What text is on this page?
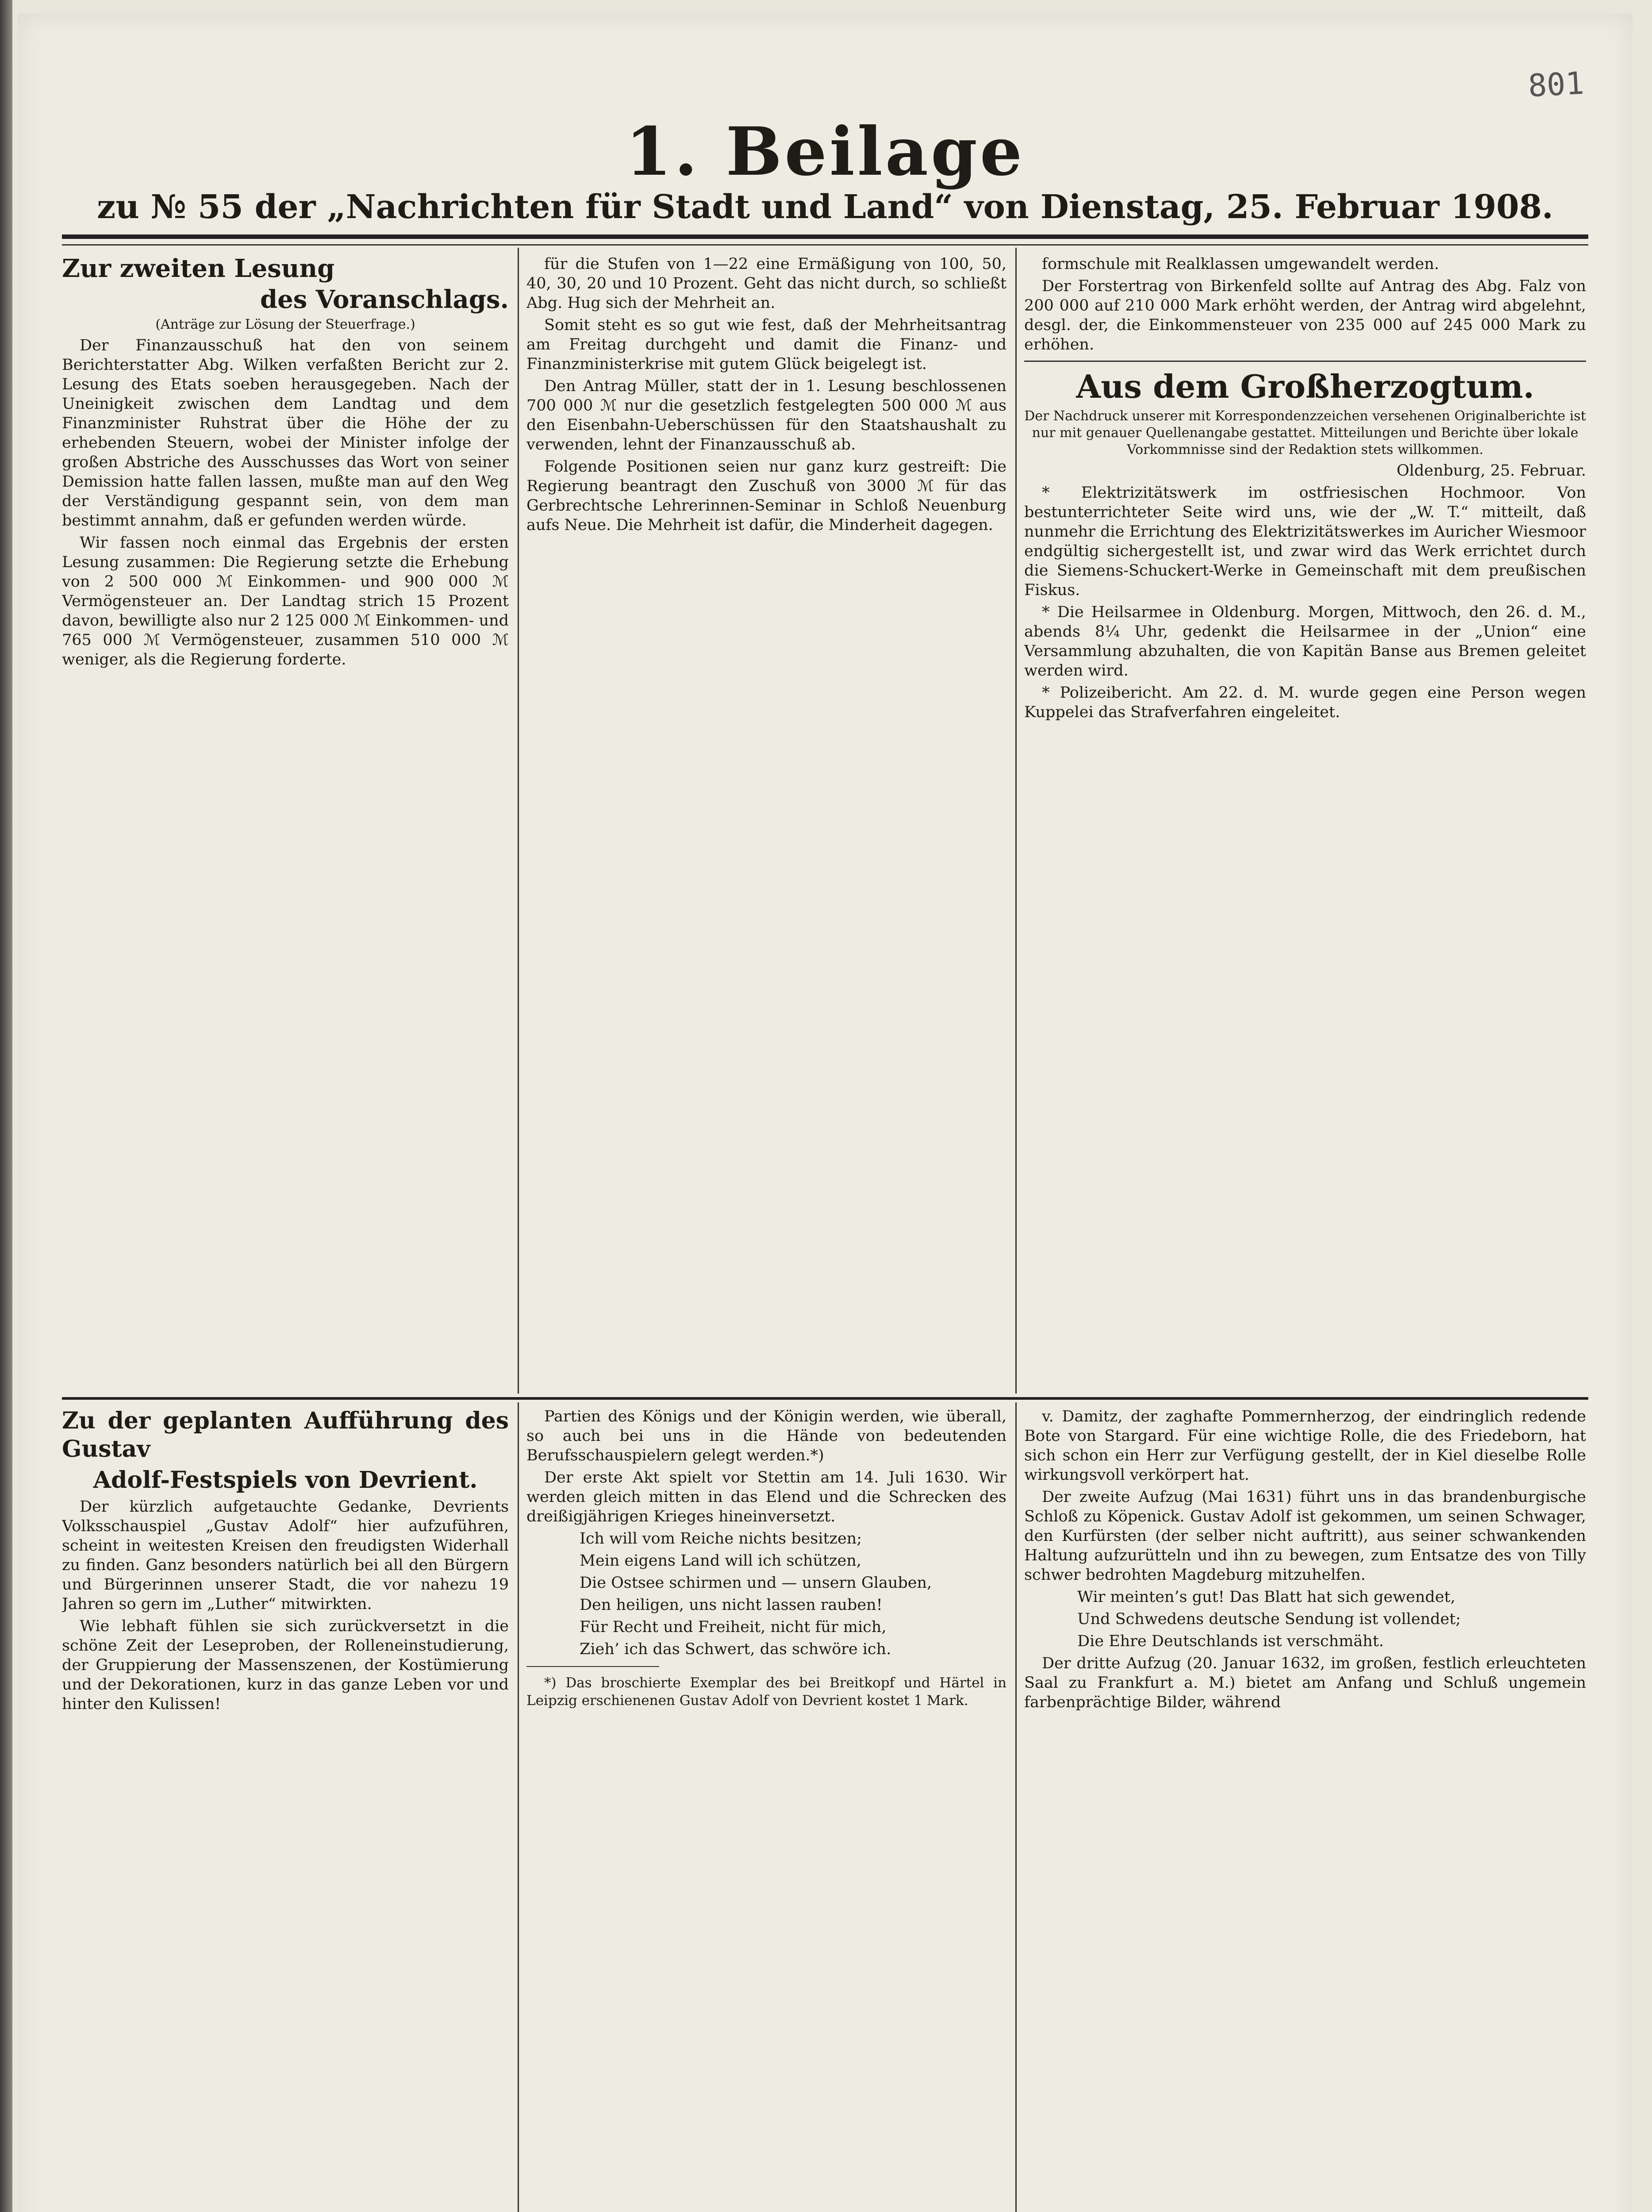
801
1. Beilage
zu № 55 der „Nachrichten für Stadt und Land“ von Dienstag, 25. Februar 1908.

Zur zweiten Lesung

des Voranschlags.

(Anträge zur Lösung der Steuerfrage.)

Der Finanzausschuß hat den von seinem Berichterstatter Abg. Wilken verfaßten Bericht zur 2. Lesung des Etats soeben herausgegeben. Nach der Uneinigkeit zwischen dem Landtag und dem Finanzminister Ruhstrat über die Höhe der zu erhebenden Steuern, wobei der Minister infolge der großen Abstriche des Ausschusses das Wort von seiner Demission hatte fallen lassen, mußte man auf den Weg der Verständigung gespannt sein, von dem man bestimmt annahm, daß er gefunden werden würde.

Wir fassen noch einmal das Ergebnis der ersten Lesung zusammen: Die Regierung setzte die Erhebung von 2 500 000 ℳ Einkommen- und 900 000 ℳ Vermögensteuer an. Der Landtag strich 15 Prozent davon, bewilligte also nur 2 125 000 ℳ Einkommen- und 765 000 ℳ Vermögensteuer, zusammen 510 000 ℳ weniger, als die Regierung forderte.

für die Stufen von 1—22 eine Ermäßigung von 100, 50, 40, 30, 20 und 10 Prozent. Geht das nicht durch, so schließt Abg. Hug sich der Mehrheit an.

Somit steht es so gut wie fest, daß der Mehrheitsantrag am Freitag durchgeht und damit die Finanz- und Finanzministerkrise mit gutem Glück beigelegt ist.

Den Antrag Müller, statt der in 1. Lesung beschlossenen 700 000 ℳ nur die gesetzlich festgelegten 500 000 ℳ aus den Eisenbahn-Ueberschüssen für den Staatshaushalt zu verwenden, lehnt der Finanzausschuß ab.

Folgende Positionen seien nur ganz kurz gestreift: Die Regierung beantragt den Zuschuß von 3000 ℳ für das Gerbrechtsche Lehrerinnen-Seminar in Schloß Neuenburg aufs Neue. Die Mehrheit ist dafür, die Minderheit dagegen.

formschule mit Realklassen umgewandelt werden.

Der Forstertrag von Birkenfeld sollte auf Antrag des Abg. Falz von 200 000 auf 210 000 Mark erhöht werden, der Antrag wird abgelehnt, desgl. der, die Einkommensteuer von 235 000 auf 245 000 Mark zu erhöhen.

Aus dem Großherzogtum.

Der Nachdruck unserer mit Korrespondenzzeichen versehenen Originalberichte ist nur mit genauer Quellenangabe gestattet. Mitteilungen und Berichte über lokale Vorkommnisse sind der Redaktion stets willkommen.

Oldenburg, 25. Februar.

* Elektrizitätswerk im ostfriesischen Hochmoor. Von bestunterrichteter Seite wird uns, wie der „W. T.“ mitteilt, daß nunmehr die Errichtung des Elektrizitätswerkes im Auricher Wiesmoor endgültig sichergestellt ist, und zwar wird das Werk errichtet durch die Siemens-Schuckert-Werke in Gemeinschaft mit dem preußischen Fiskus.

* Die Heilsarmee in Oldenburg. Morgen, Mittwoch, den 26. d. M., abends 8¼ Uhr, gedenkt die Heilsarmee in der „Union“ eine Versammlung abzuhalten, die von Kapitän Banse aus Bremen geleitet werden wird.

* Polizeibericht. Am 22. d. M. wurde gegen eine Person wegen Kuppelei das Strafverfahren eingeleitet.

Zu der geplanten Aufführung des Gustav

Adolf-Festspiels von Devrient.

Der kürzlich aufgetauchte Gedanke, Devrients Volksschauspiel „Gustav Adolf“ hier aufzuführen, scheint in weitesten Kreisen den freudigsten Widerhall zu finden. Ganz besonders natürlich bei all den Bürgern und Bürgerinnen unserer Stadt, die vor nahezu 19 Jahren so gern im „Luther“ mitwirkten.

Wie lebhaft fühlen sie sich zurückversetzt in die schöne Zeit der Leseproben, der Rolleneinstudierung, der Gruppierung der Massenszenen, der Kostümierung und der Dekorationen, kurz in das ganze Leben vor und hinter den Kulissen!

Partien des Königs und der Königin werden, wie überall, so auch bei uns in die Hände von bedeutenden Berufsschauspielern gelegt werden.*)

Der erste Akt spielt vor Stettin am 14. Juli 1630. Wir werden gleich mitten in das Elend und die Schrecken des dreißigjährigen Krieges hineinversetzt.

Ich will vom Reiche nichts besitzen;

Mein eigens Land will ich schützen,

Die Ostsee schirmen und — unsern Glauben,

Den heiligen, uns nicht lassen rauben!

Für Recht und Freiheit, nicht für mich,

Zieh’ ich das Schwert, das schwöre ich.

*) Das broschierte Exemplar des bei Breitkopf und Härtel in Leipzig erschienenen Gustav Adolf von Devrient kostet 1 Mark.

v. Damitz, der zaghafte Pommernherzog, der eindringlich redende Bote von Stargard. Für eine wichtige Rolle, die des Friedeborn, hat sich schon ein Herr zur Verfügung gestellt, der in Kiel dieselbe Rolle wirkungsvoll verkörpert hat.

Der zweite Aufzug (Mai 1631) führt uns in das brandenburgische Schloß zu Köpenick. Gustav Adolf ist gekommen, um seinen Schwager, den Kurfürsten (der selber nicht auftritt), aus seiner schwankenden Haltung aufzurütteln und ihn zu bewegen, zum Entsatze des von Tilly schwer bedrohten Magdeburg mitzuhelfen.

Wir meinten’s gut! Das Blatt hat sich gewendet,

Und Schwedens deutsche Sendung ist vollendet;

Die Ehre Deutschlands ist verschmäht.

Der dritte Aufzug (20. Januar 1632, im großen, festlich erleuchteten Saal zu Frankfurt a. M.) bietet am Anfang und Schluß ungemein farbenprächtige Bilder, während
